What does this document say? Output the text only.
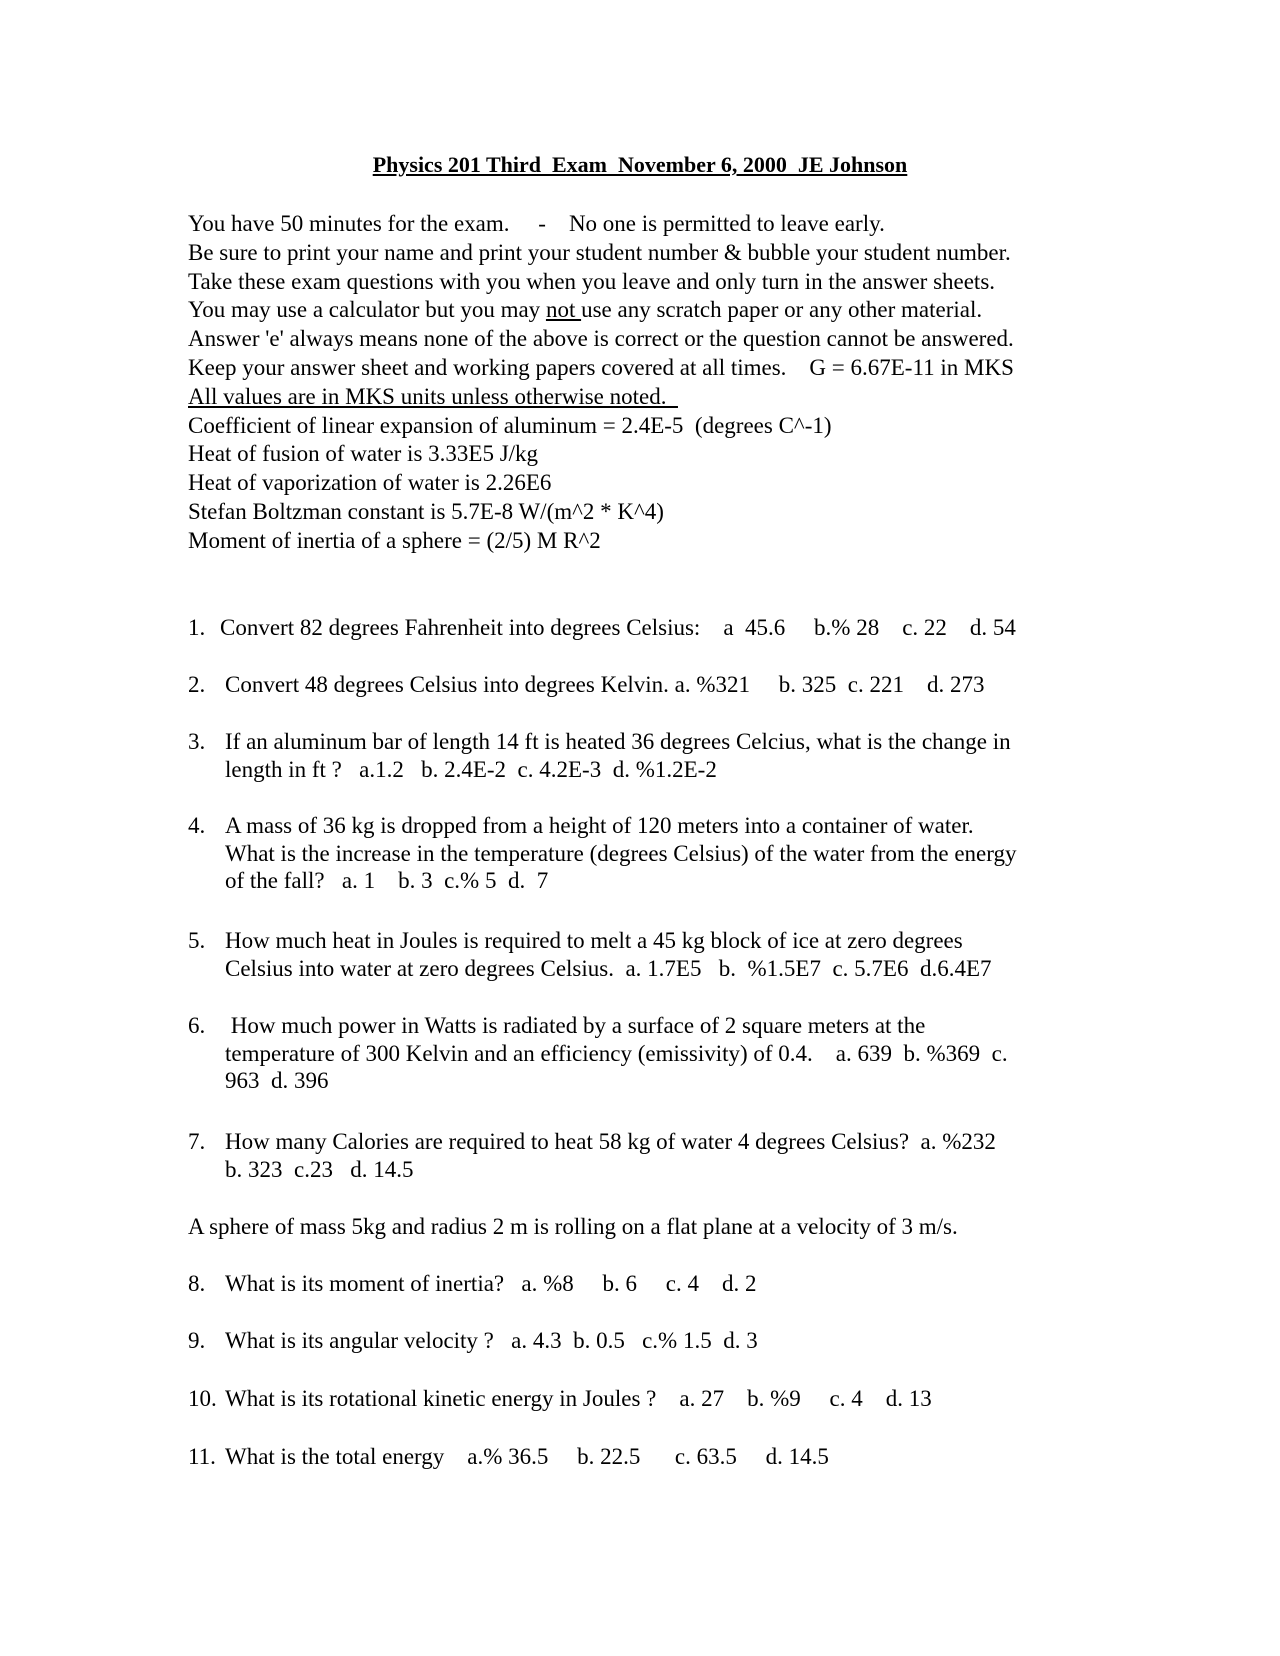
Physics 201 Third  Exam  November 6, 2000  JE Johnson
You have 50 minutes for the exam.     -    No one is permitted to leave early.
Be sure to print your name and print your student number & bubble your student number.
Take these exam questions with you when you leave and only turn in the answer sheets.
You may use a calculator but you may not use any scratch paper or any other material.
Answer 'e' always means none of the above is correct or the question cannot be answered.
Keep your answer sheet and working papers covered at all times.    G = 6.67E-11 in MKS
All values are in MKS units unless otherwise noted.
Coefficient of linear expansion of aluminum = 2.4E-5  (degrees C^-1)
Heat of fusion of water is 3.33E5 J/kg
Heat of vaporization of water is 2.26E6
Stefan Boltzman constant is 5.7E-8 W/(m^2 * K^4)
Moment of inertia of a sphere = (2/5) M R^2
1. Convert 82 degrees Fahrenheit into degrees Celsius:    a  45.6     b.% 28    c. 22    d. 54
2. Convert 48 degrees Celsius into degrees Kelvin. a. %321     b. 325  c. 221    d. 273
3. If an aluminum bar of length 14 ft is heated 36 degrees Celcius, what is the change in
length in ft ?   a.1.2   b. 2.4E-2  c. 4.2E-3  d. %1.2E-2
4. A mass of 36 kg is dropped from a height of 120 meters into a container of water.
What is the increase in the temperature (degrees Celsius) of the water from the energy
of the fall?   a. 1    b. 3  c.% 5  d.  7
5. How much heat in Joules is required to melt a 45 kg block of ice at zero degrees
Celsius into water at zero degrees Celsius.  a. 1.7E5   b.  %1.5E7  c. 5.7E6  d.6.4E7
6. How much power in Watts is radiated by a surface of 2 square meters at the
temperature of 300 Kelvin and an efficiency (emissivity) of 0.4.    a. 639  b. %369  c.
963  d. 396
7. How many Calories are required to heat 58 kg of water 4 degrees Celsius?  a. %232
b. 323  c.23   d. 14.5
A sphere of mass 5kg and radius 2 m is rolling on a flat plane at a velocity of 3 m/s.
8. What is its moment of inertia?   a. %8     b. 6     c. 4    d. 2
9. What is its angular velocity ?   a. 4.3  b. 0.5   c.% 1.5  d. 3
10. What is its rotational kinetic energy in Joules ?    a. 27    b. %9     c. 4    d. 13
11. What is the total energy    a.% 36.5     b. 22.5      c. 63.5     d. 14.5
